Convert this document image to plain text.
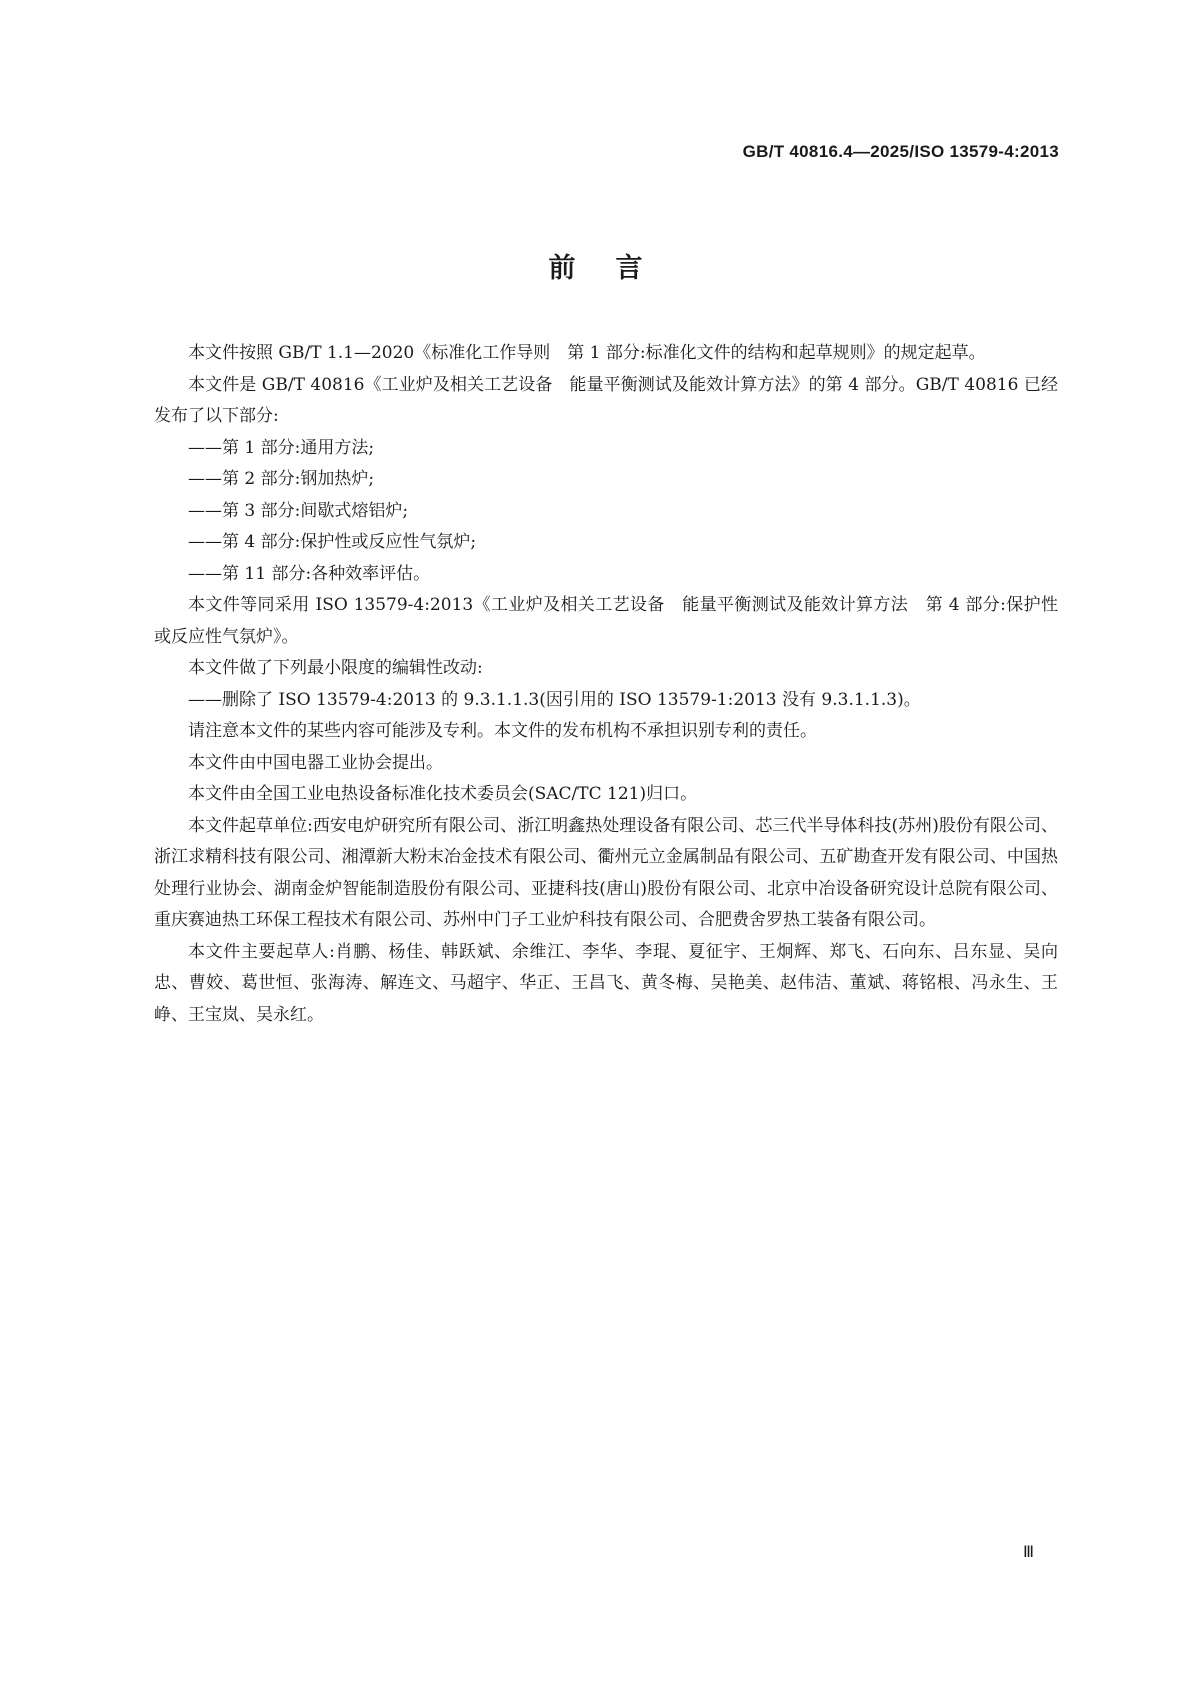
GB/T 40816.4—2025/ISO 13579-4:2013
前言

本文件按照 GB/T 1.1—2020《标准化工作导则　第 1 部分:标准化文件的结构和起草规则》的规定起草。

本文件是 GB/T 40816《工业炉及相关工艺设备　能量平衡测试及能效计算方法》的第 4 部分。GB/T 40816 已经发布了以下部分:

——第 1 部分:通用方法;

——第 2 部分:钢加热炉;

——第 3 部分:间歇式熔铝炉;

——第 4 部分:保护性或反应性气氛炉;

——第 11 部分:各种效率评估。

本文件等同采用 ISO 13579-4:2013《工业炉及相关工艺设备　能量平衡测试及能效计算方法　第 4 部分:保护性或反应性气氛炉》。

本文件做了下列最小限度的编辑性改动:

——删除了 ISO 13579-4:2013 的 9.3.1.1.3(因引用的 ISO 13579-1:2013 没有 9.3.1.1.3)。

请注意本文件的某些内容可能涉及专利。本文件的发布机构不承担识别专利的责任。

本文件由中国电器工业协会提出。

本文件由全国工业电热设备标准化技术委员会(SAC/TC 121)归口。

本文件起草单位:西安电炉研究所有限公司、浙江明鑫热处理设备有限公司、芯三代半导体科技(苏州)股份有限公司、浙江求精科技有限公司、湘潭新大粉末冶金技术有限公司、衢州元立金属制品有限公司、五矿勘查开发有限公司、中国热处理行业协会、湖南金炉智能制造股份有限公司、亚捷科技(唐山)股份有限公司、北京中冶设备研究设计总院有限公司、重庆赛迪热工环保工程技术有限公司、苏州中门子工业炉科技有限公司、合肥费舍罗热工装备有限公司。

本文件主要起草人:肖鹏、杨佳、韩跃斌、余维江、李华、李琨、夏征宇、王炯辉、郑飞、石向东、吕东显、吴向忠、曹姣、葛世恒、张海涛、解连文、马超宇、华正、王昌飞、黄冬梅、吴艳美、赵伟洁、董斌、蒋铭根、冯永生、王峥、王宝岚、吴永红。

Ⅲ
